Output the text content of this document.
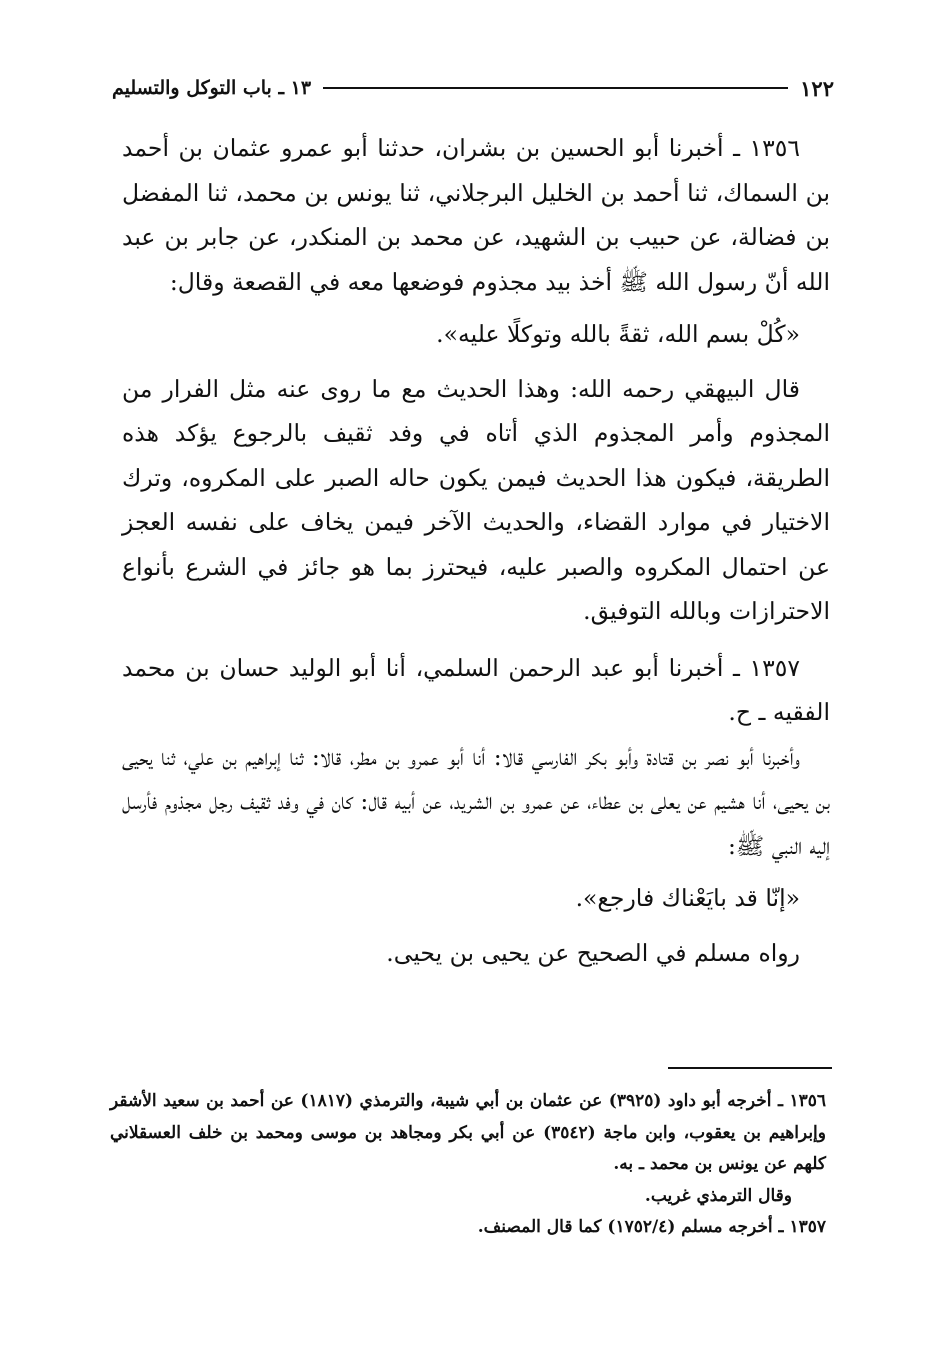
١٢٢
١٣ ـ باب التوكل والتسليم

١٣٥٦ ـ أخبرنا أبو الحسين بن بشران، حدثنا أبو عمرو عثمان بن أحمد بن السماك، ثنا أحمد بن الخليل البرجلاني، ثنا يونس بن محمد، ثنا المفضل بن فضالة، عن حبيب بن الشهيد، عن محمد بن المنكدر، عن جابر بن عبد الله أنّ رسول الله ﷺ أخذ بيد مجذوم فوضعها معه في القصعة وقال:

«كُلْ بسم الله، ثقةً بالله وتوكلًا عليه».

قال البيهقي رحمه الله: وهذا الحديث مع ما روى عنه مثل الفرار من المجذوم وأمر المجذوم الذي أتاه في وفد ثقيف بالرجوع يؤكد هذه الطريقة، فيكون هذا الحديث فيمن يكون حاله الصبر على المكروه، وترك الاختيار في موارد القضاء، والحديث الآخر فيمن يخاف على نفسه العجز عن احتمال المكروه والصبر عليه، فيحترز بما هو جائز في الشرع بأنواع الاحترازات وبالله التوفيق.

١٣٥٧ ـ أخبرنا أبو عبد الرحمن السلمي، أنا أبو الوليد حسان بن محمد الفقيه ـ ح.

وأخبرنا أبو نصر بن قتادة وأبو بكر الفارسي قالا: أنا أبو عمرو بن مطر، قالا: ثنا إبراهيم بن علي، ثنا يحيى بن يحيى، أنا هشيم عن يعلى بن عطاء، عن عمرو بن الشريد، عن أبيه قال: كان في وفد ثقيف رجل مجذوم فأرسل إليه النبي ﷺ:

«إنّا قد بايَعْناك فارجع».

رواه مسلم في الصحيح عن يحيى بن يحيى.

١٣٥٦ ـ أخرجه أبو داود (٣٩٢٥) عن عثمان بن أبي شيبة، والترمذي (١٨١٧) عن أحمد بن سعيد الأشقر وإبراهيم بن يعقوب، وابن ماجة (٣٥٤٢) عن أبي بكر ومجاهد بن موسى ومحمد بن خلف العسقلاني كلهم عن يونس بن محمد ـ به.

وقال الترمذي غريب.

١٣٥٧ ـ أخرجه مسلم (١٧٥٢/٤) كما قال المصنف.
